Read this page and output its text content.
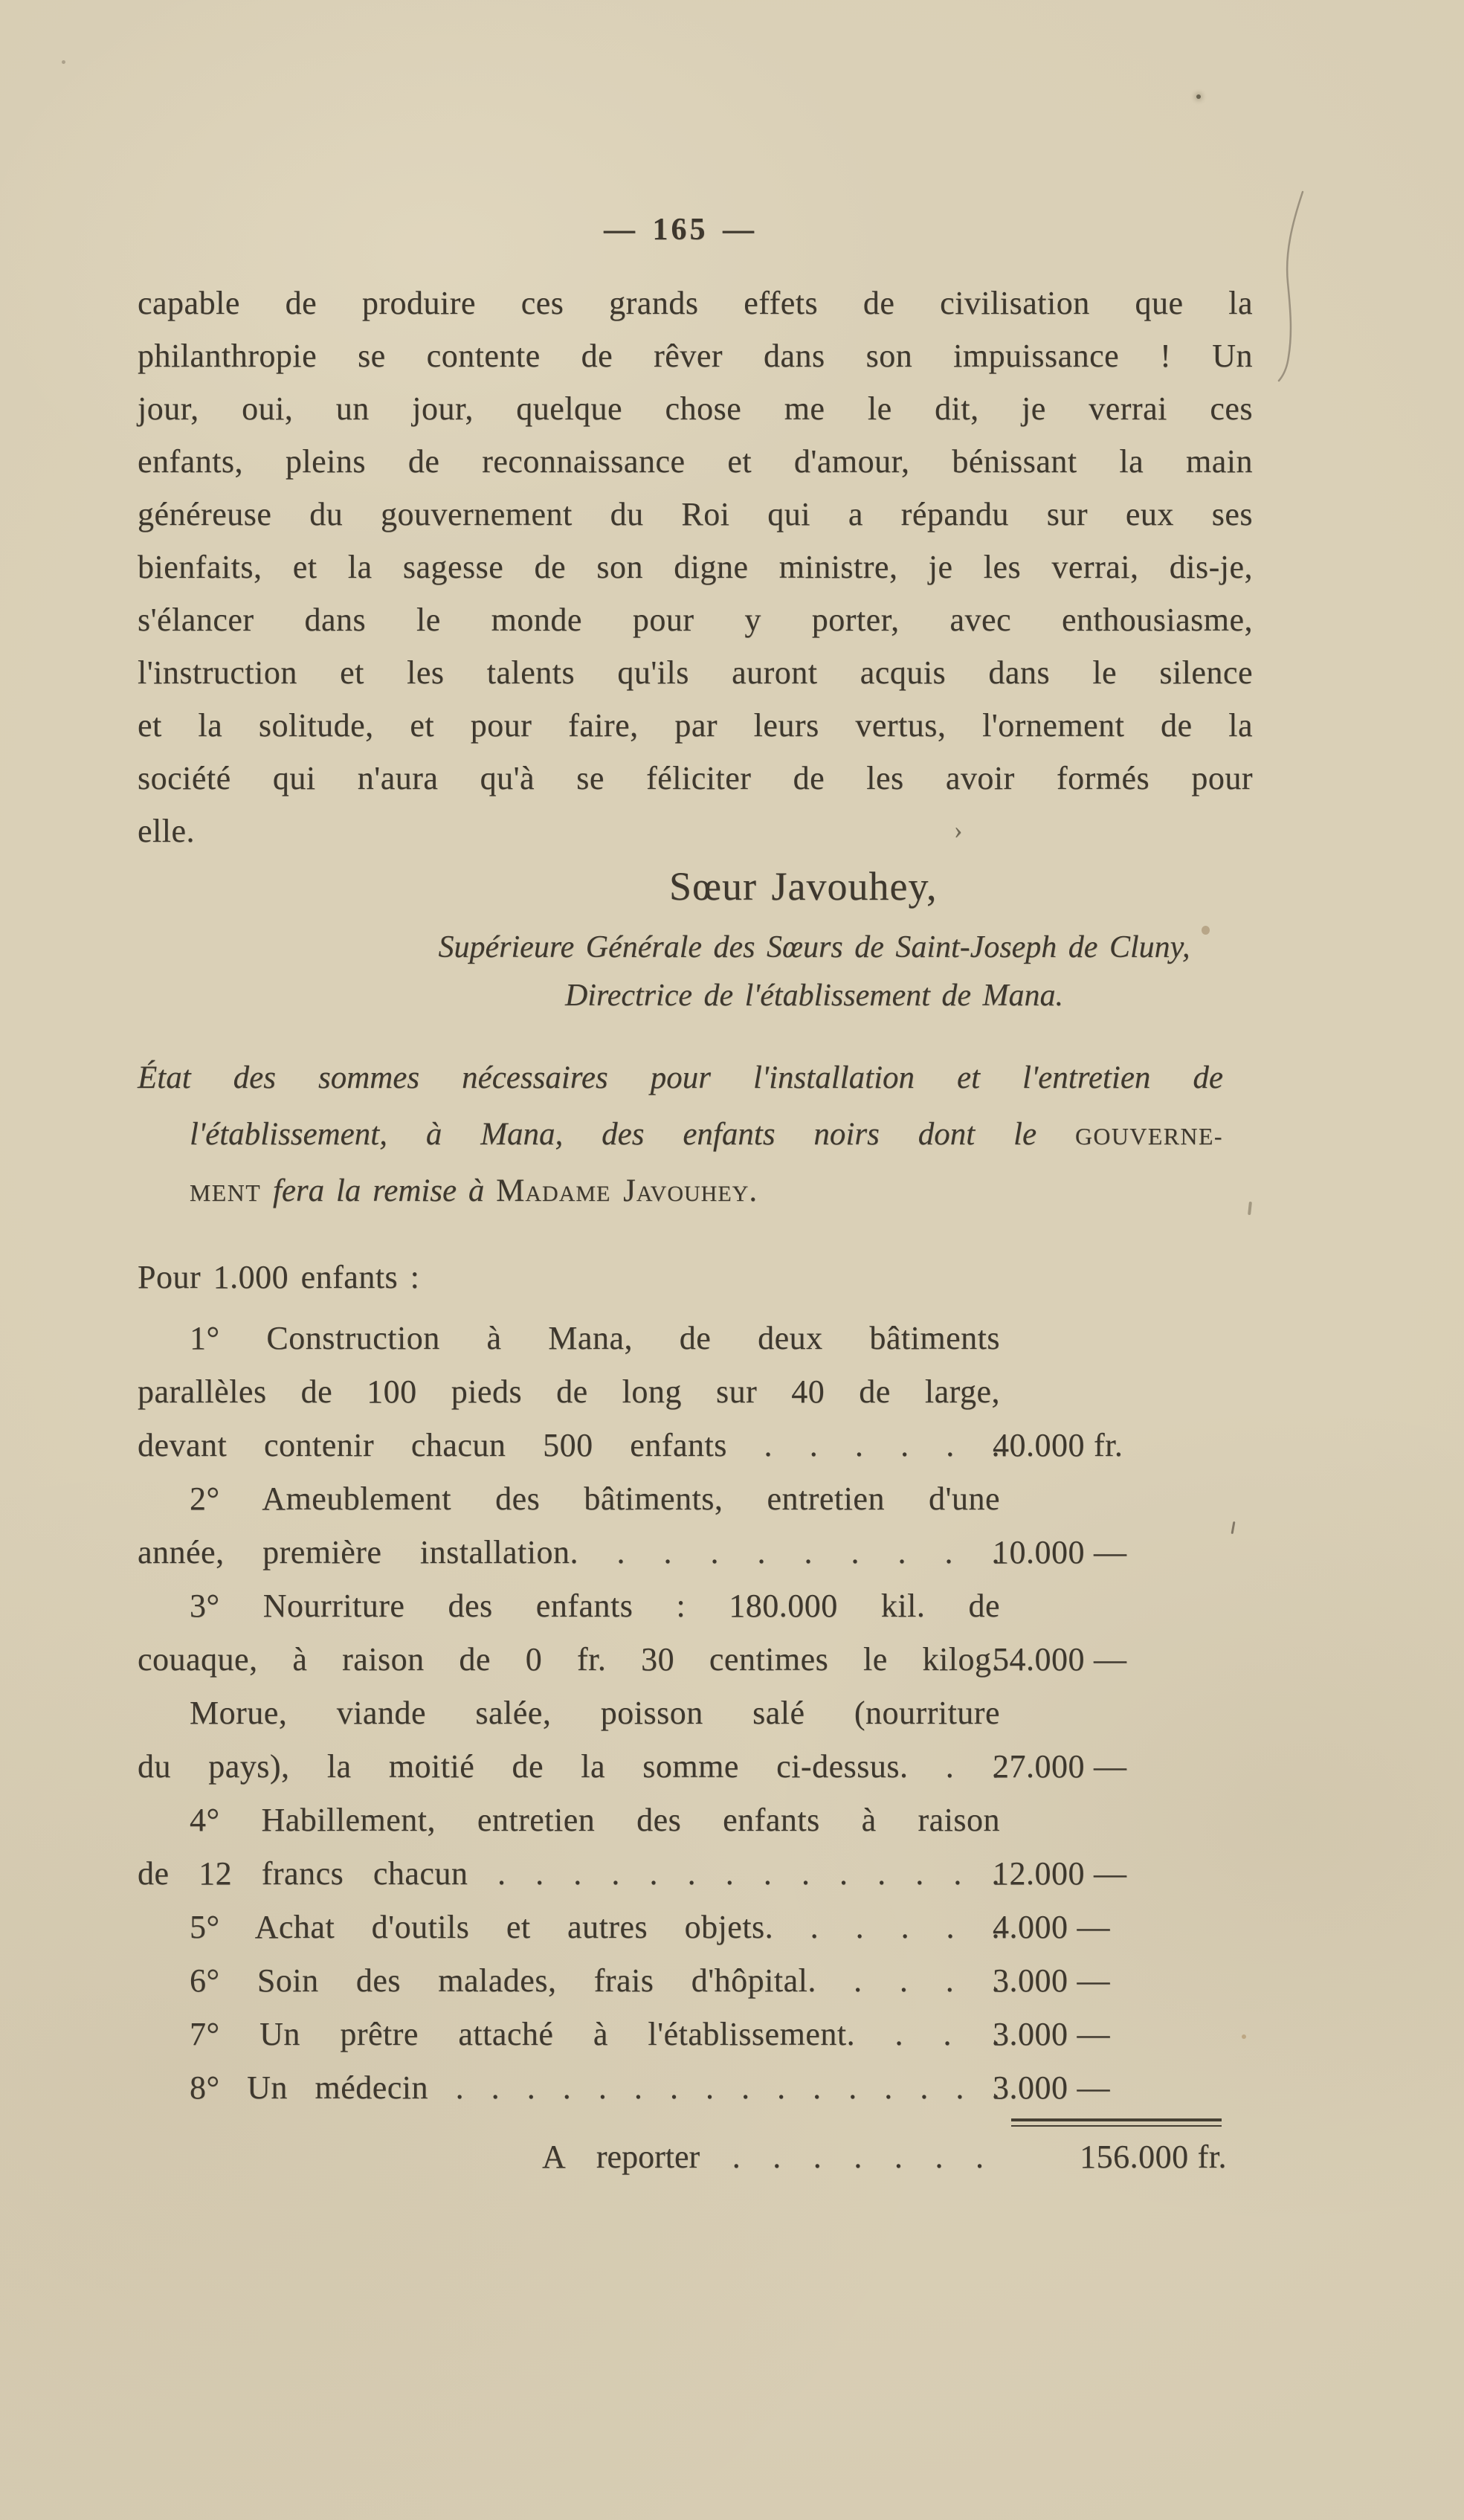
— 165 —
capable de produire ces grands effets de civilisation que la
philanthropie se contente de rêver dans son impuissance ! Un
jour, oui, un jour, quelque chose me le dit, je verrai ces
enfants, pleins de reconnaissance et d'amour, bénissant la main
généreuse du gouvernement du Roi qui a répandu sur eux ses
bienfaits, et la sagesse de son digne ministre, je les verrai, dis-je,
s'élancer dans le monde pour y porter, avec enthousiasme,
l'instruction et les talents qu'ils auront acquis dans le silence
et la solitude, et pour faire, par leurs vertus, l'ornement de la
société qui n'aura qu'à se féliciter de les avoir formés pour
elle.
Sœur Javouhey,
Supérieure Générale des Sœurs de Saint-Joseph de Cluny,
Directrice de l'établissement de Mana.
État des sommes nécessaires pour l'installation et l'entretien de
l'établissement, à Mana, des enfants noirs dont le GOUVERNE-
MENT fera la remise à Madame Javouhey.
Pour 1.000 enfants :
1° Construction à Mana, de deux bâtiments
parallèles de 100 pieds de long sur 40 de large,
devant contenir chacun 500 enfants . . . . . .
40.000 fr.
2° Ameublement des bâtiments, entretien d'une
année, première installation. . . . . . . . . .
10.000 —
3° Nourriture des enfants : 180.000 kil. de
couaque, à raison de 0 fr. 30 centimes le kilog.
54.000 —
Morue, viande salée, poisson salé (nourriture
du pays), la moitié de la somme ci-dessus. . .
27.000 —
4° Habillement, entretien des enfants à raison
de 12 francs chacun . . . . . . . . . . . . . .
12.000 —
5° Achat d'outils et autres objets. . . . . .
4.000 —
6° Soin des malades, frais d'hôpital. . . . .
3.000 —
7° Un prêtre attaché à l'établissement. . . .
3.000 —
8° Un médecin . . . . . . . . . . . . . . . .
3.000 —
A reporter . . . . . . .	156.000 fr.
›
